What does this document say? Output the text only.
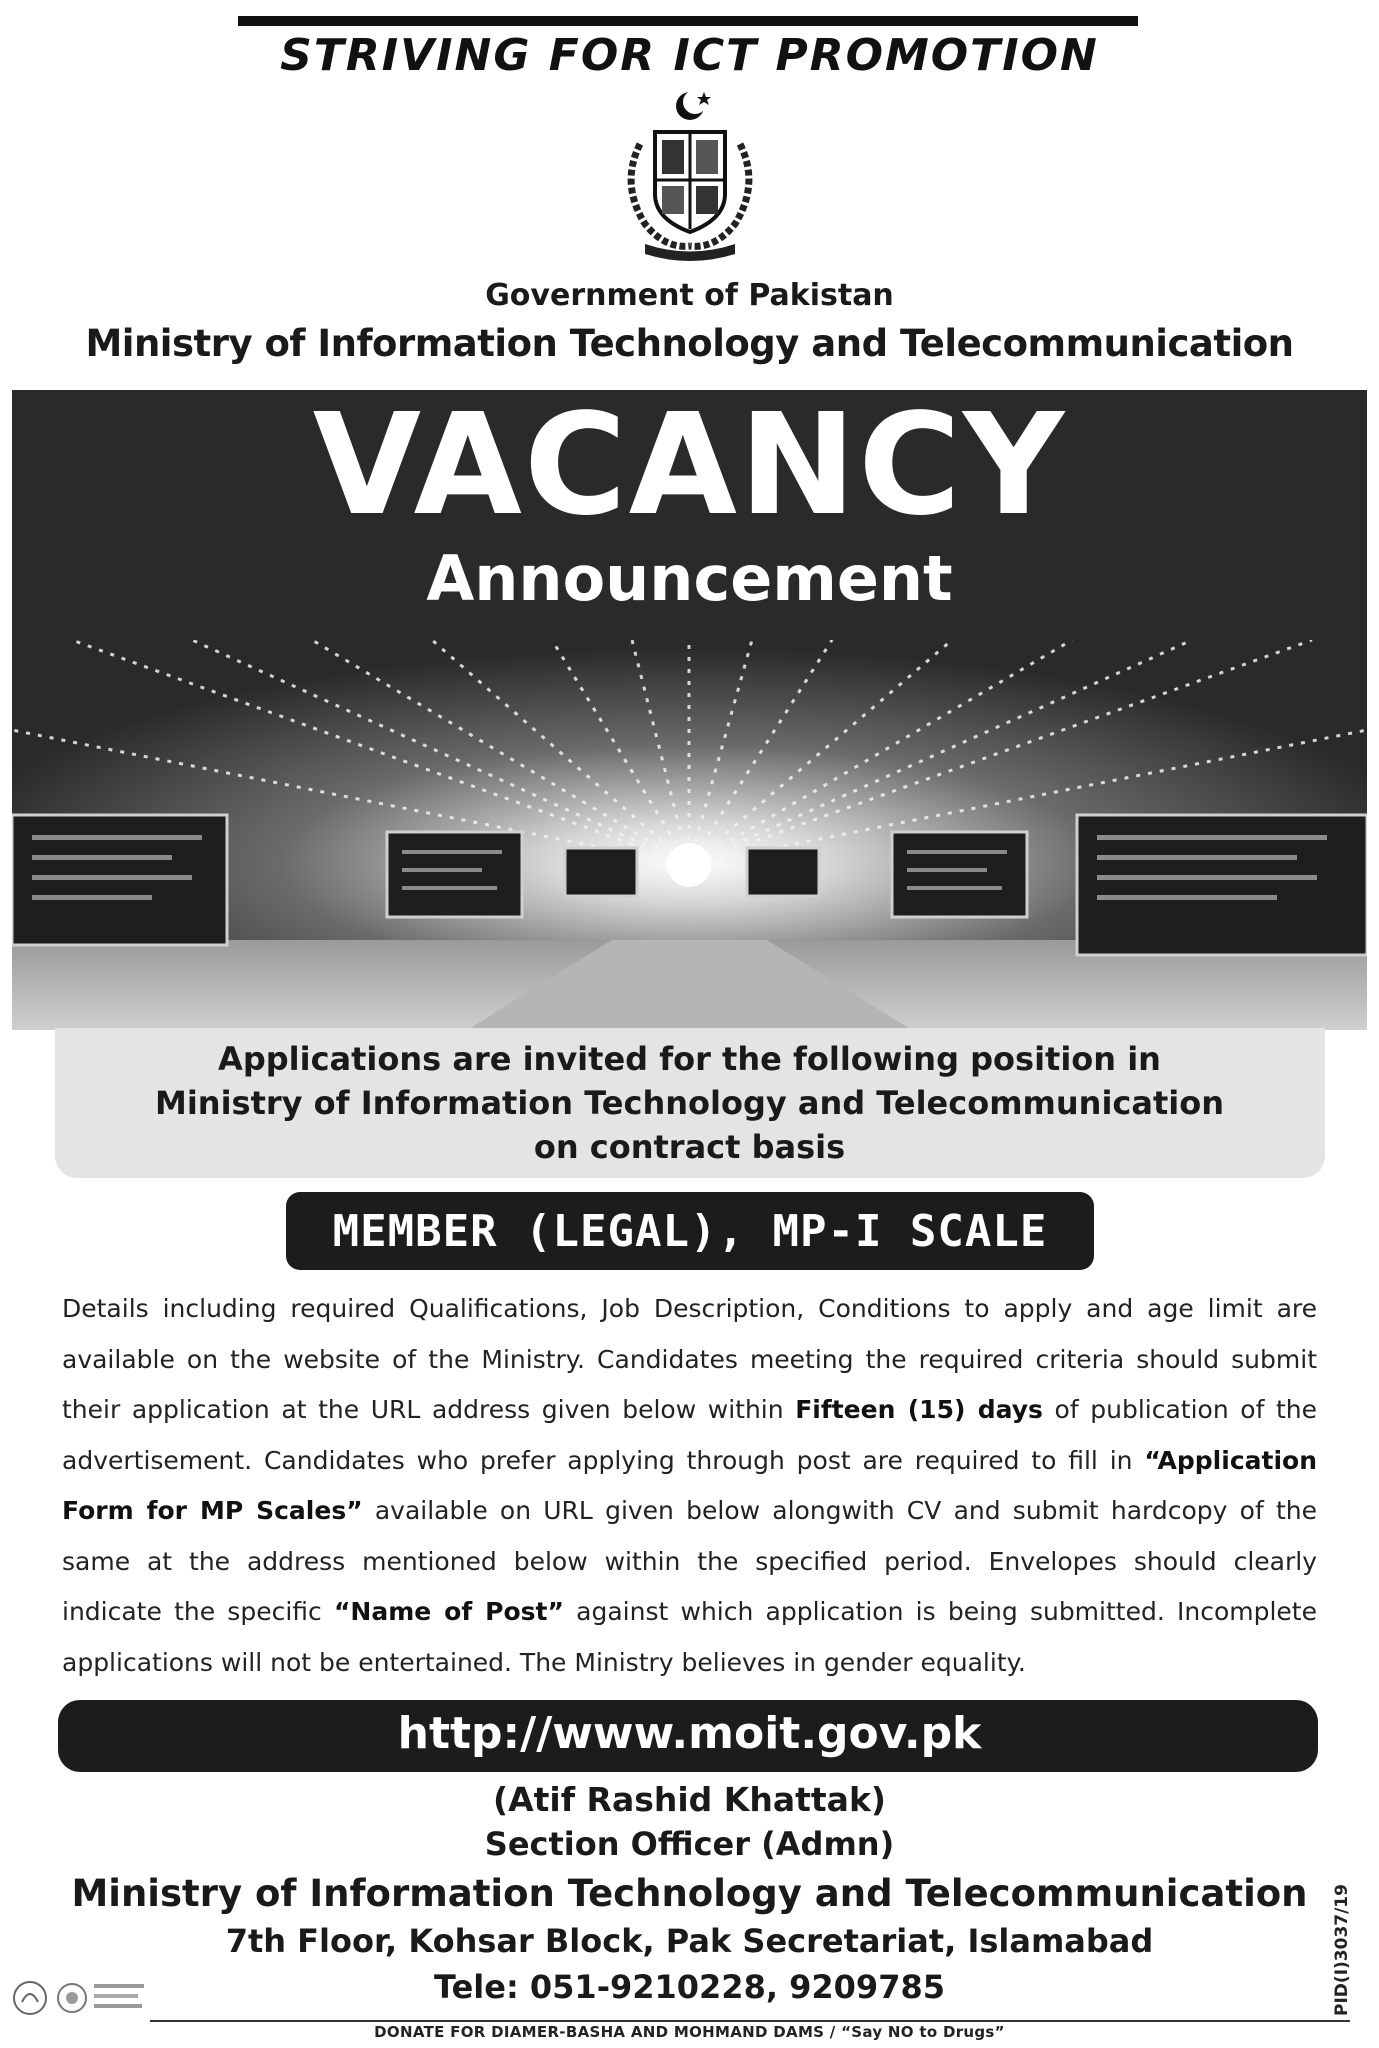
STRIVING FOR ICT PROMOTION
Government of Pakistan
Ministry of Information Technology and Telecommunication
VACANCY
Announcement
Applications are invited for the following position in
Ministry of Information Technology and Telecommunication
on contract basis
MEMBER (LEGAL), MP-I SCALE
Details including required Qualifications, Job Description, Conditions to apply and age limit are available on the website of the Ministry. Candidates meeting the required criteria should submit their application at the URL address given below within Fifteen (15) days of publication of the advertisement. Candidates who prefer applying through post are required to fill in “Application Form for MP Scales” available on URL given below alongwith CV and submit hardcopy of the same at the address mentioned below within the specified period. Envelopes should clearly indicate the specific “Name of Post” against which application is being submitted. Incomplete applications will not be entertained. The Ministry believes in gender equality.
http://www.moit.gov.pk
(Atif Rashid Khattak)
Section Officer (Admn)
Ministry of Information Technology and Telecommunication
7th Floor, Kohsar Block, Pak Secretariat, Islamabad
Tele: 051-9210228, 9209785	PID(I)3037/19
DONATE FOR DIAMER-BASHA AND MOHMAND DAMS / “Say NO to Drugs”
